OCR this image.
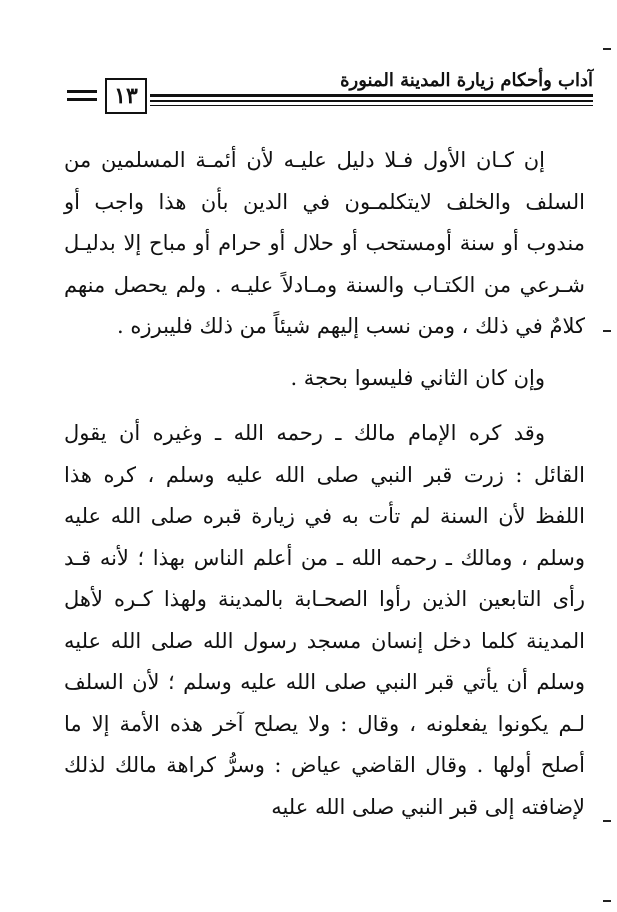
آداب وأحكام زيارة المدينة المنورة
١٣

إن كـان الأول فـلا دليل عليـه لأن أئمـة المسلمين من السلف والخلف لايتكلمـون في الدين بأن هذا واجب أو مندوب أو سنة أومستحب أو حلال أو حرام أو مباح إلا بدليـل شـرعي من الكتـاب والسنة ومـادلاً عليـه . ولم يحصل منهم كلامٌ في ذلك ، ومن نسب إليهم شيئاً من ذلك فليبرزه .

وإن كان الثاني فليسوا بحجة .

وقد كره الإمام مالك ـ رحمه الله ـ وغيره أن يقول القائل : زرت قبر النبي صلى الله عليه وسلم ، كره هذا اللفظ لأن السنة لم تأت به في زيارة قبره صلى الله عليه وسلم ، ومالك ـ رحمه الله ـ من أعلم الناس بهذا ؛ لأنه قـد رأى التابعين الذين رأوا الصحـابة بالمدينة ولهذا كـره لأهل المدينة كلما دخل إنسان مسجد رسول الله صلى الله عليه وسلم أن يأتي قبر النبي صلى الله عليه وسلم ؛ لأن السلف لـم يكونوا يفعلونه ، وقال : ولا يصلح آخر هذه الأمة إلا ما أصلح أولها . وقال القاضي عياض : وسرُّ كراهة مالك لذلك لإضافته إلى قبر النبي صلى الله عليه
